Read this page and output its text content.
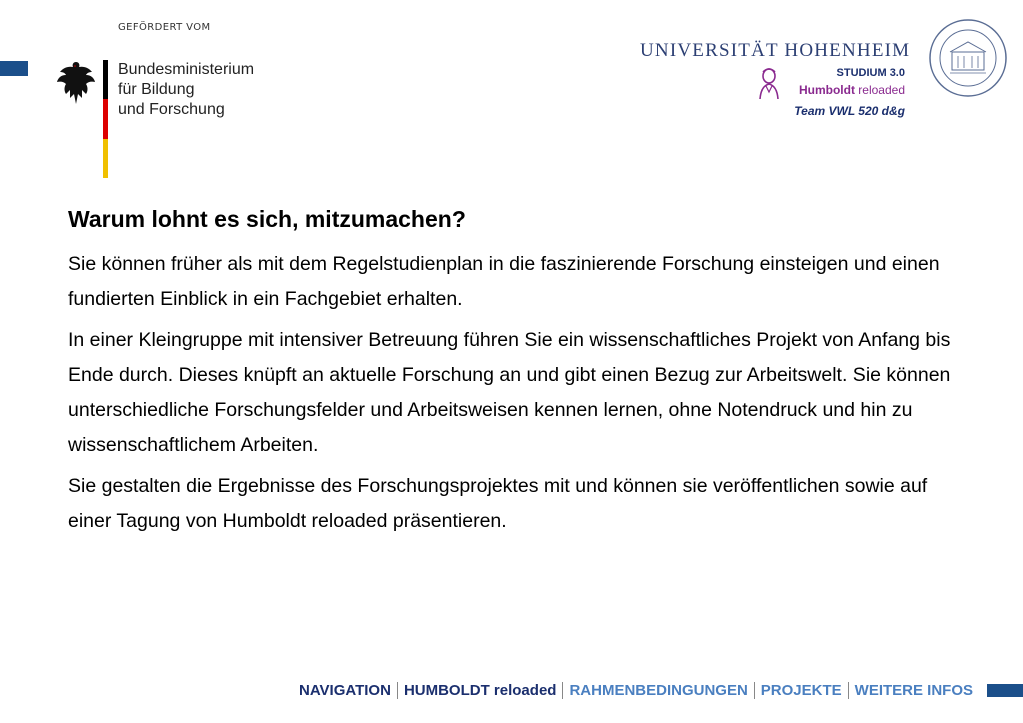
GEFÖRDERT VOM
Bundesministerium
für Bildung
und Forschung
UNIVERSITÄT HOHENHEIM
STUDIUM 3.0
Humboldt reloaded
Team VWL 520 d&g
Warum lohnt es sich, mitzumachen?

Sie können früher als mit dem Regelstudienplan in die faszinierende Forschung einsteigen und einen fundierten Einblick in ein Fachgebiet erhalten.

In einer Kleingruppe mit intensiver Betreuung führen Sie ein wissenschaftliches Projekt von Anfang bis Ende durch. Dieses knüpft an aktuelle Forschung an und gibt einen Bezug zur Arbeitswelt. Sie können unterschiedliche Forschungsfelder und Arbeitsweisen kennen lernen, ohne Notendruck und hin zu wissenschaftlichem Arbeiten.

Sie gestalten die Ergebnisse des Forschungsprojektes mit und können sie veröffentlichen sowie auf einer Tagung von Humboldt reloaded präsentieren.

NAVIGATION HUMBOLDT reloaded RAHMENBEDINGUNGEN PROJEKTE WEITERE INFOS
